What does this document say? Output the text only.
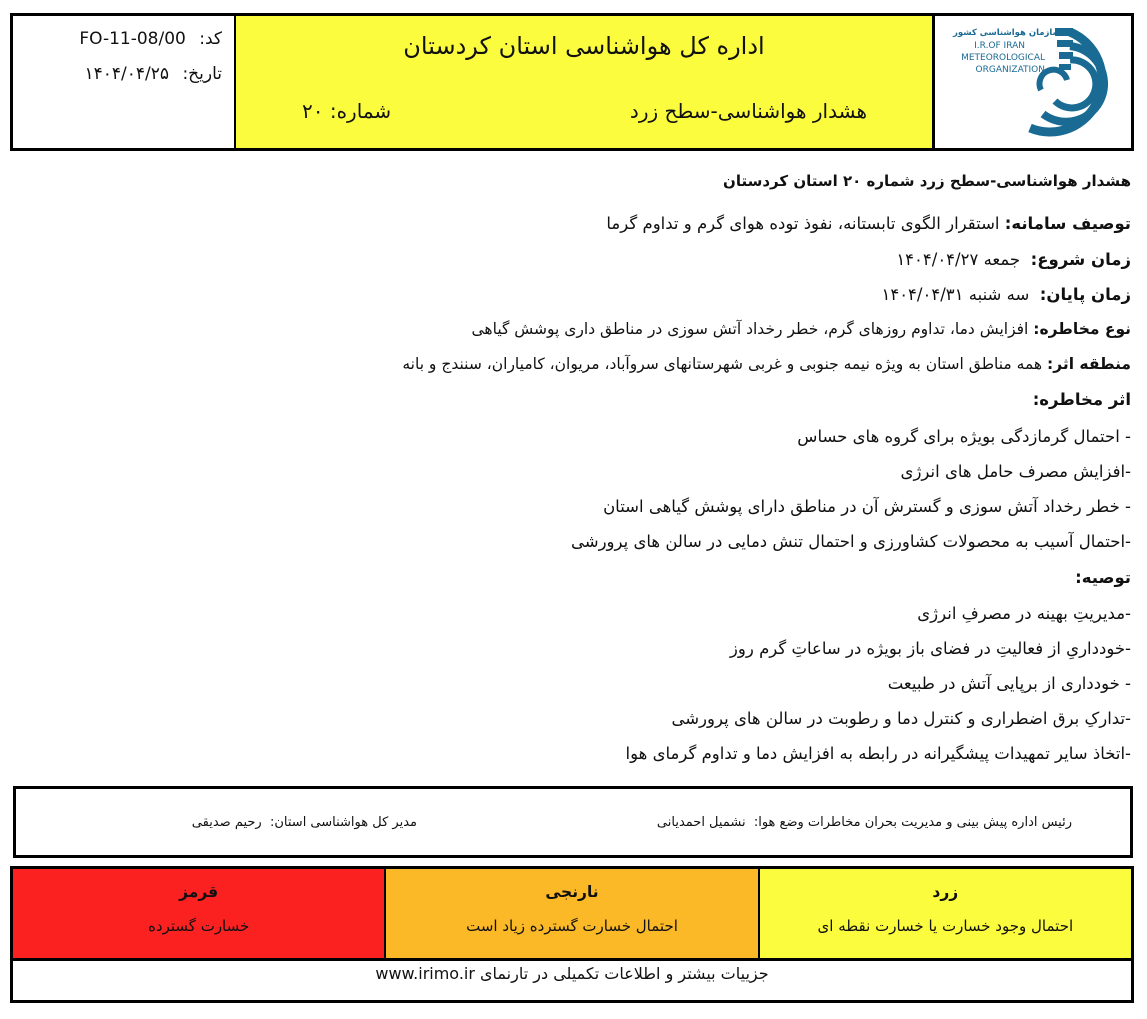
کد: FO-11-08/00
تاریخ: ۱۴۰۴/۰۴/۲۵
اداره کل هواشناسی استان کردستان
هشدار هواشناسی-سطح زرد
شماره: ۲۰
سازمان هواشناسی کشور
I.R.OF IRAN
METEOROLOGICAL
ORGANIZATION
هشدار هواشناسی-سطح زرد شماره ۲۰ استان کردستان
توصیف سامانه: استقرار الگوی تابستانه، نفوذ توده هوای گرم و تداوم گرما
زمان شروع:  جمعه ۱۴۰۴/۰۴/۲۷
زمان پایان:  سه شنبه ۱۴۰۴/۰۴/۳۱
نوع مخاطره: افزایش دما، تداوم روزهای گرم، خطر رخداد آتش سوزی در مناطق داری پوشش گیاهی
منطقه اثر: همه مناطق استان به ویژه نیمه جنوبی و غربی شهرستانهای سروآباد، مریوان، کامیاران، سنندج و بانه
اثر مخاطره:
- احتمال گرمازدگی بویژه برای گروه های حساس
-افزایش مصرف حامل های انرژی
- خطر رخداد آتش سوزی و گسترش آن در مناطق دارای پوشش گیاهی استان
-احتمال آسیب به محصولات کشاورزی و احتمال تنش دمایی در سالن های پرورشی
توصیه:
-مدیریتِ بهینه در مصرفِ انرژی
-خودداریِ از فعالیتِ در فضای باز بویژه در ساعاتِ گرم روز
- خودداری از برپایی آتش در طبیعت
-تدارکِ برق اضطراری و کنترل دما و رطوبت در سالن های پرورشی
-اتخاذ سایر تمهیدات پیشگیرانه در رابطه به افزایش دما و تداوم گرمای هوا
رئیس اداره پیش بینی و مدیریت بحران مخاطرات وضع هوا:  نشمیل احمدیانی
مدیر کل هواشناسی استان:  رحیم صدیقی
زرد
احتمال وجود خسارت یا خسارت نقطه ای
نارنجی
احتمال خسارت گسترده زیاد است
قرمز
خسارت گسترده
جزییات بیشتر و اطلاعات تکمیلی در تارنمای www.irimo.ir
